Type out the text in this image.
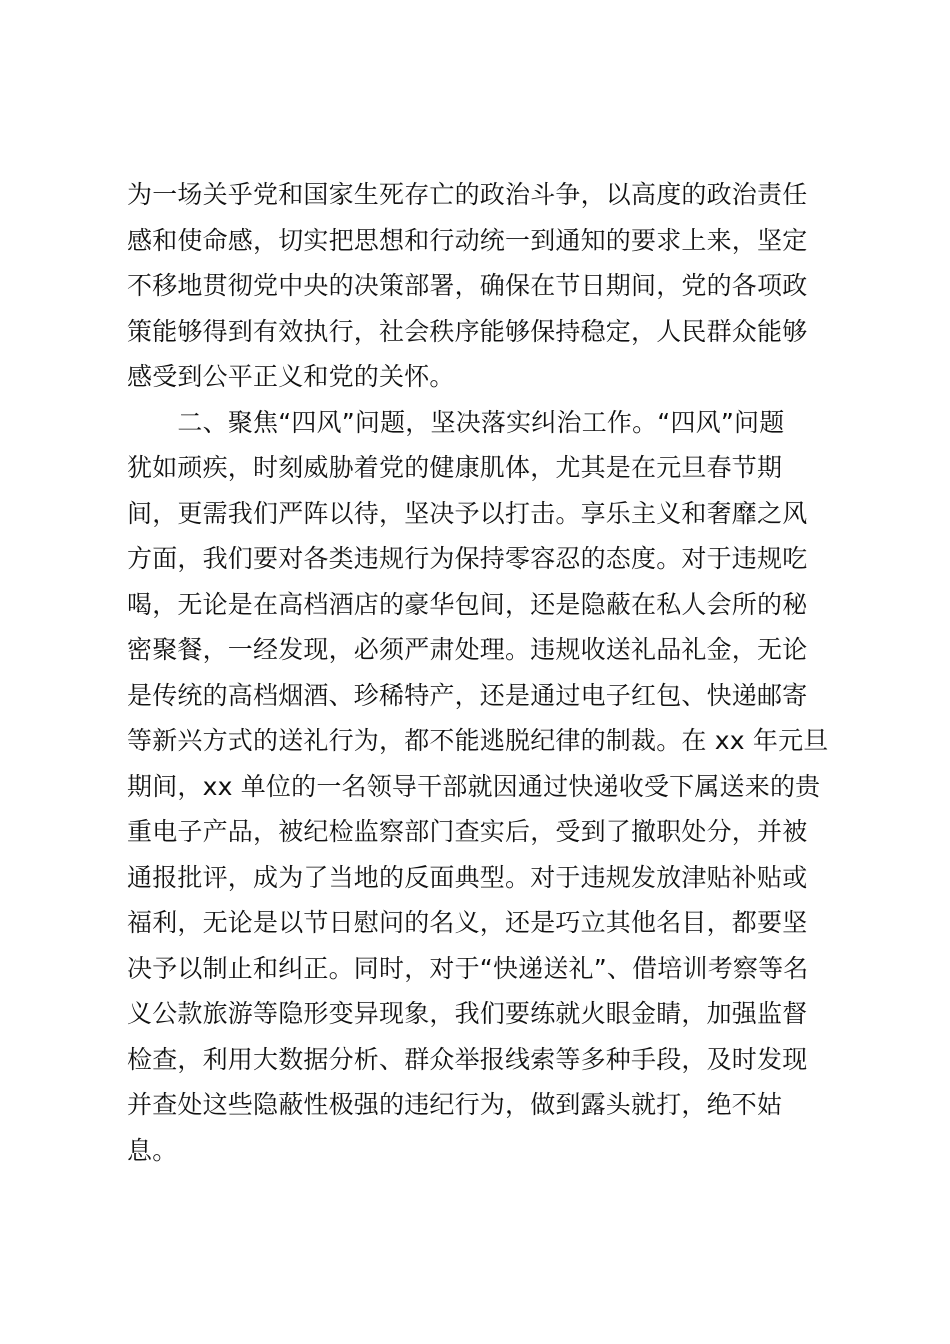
为一场关乎党和国家生死存亡的政治斗争，以高度的政治责任
感和使命感，切实把思想和行动统一到通知的要求上来，坚定
不移地贯彻党中央的决策部署，确保在节日期间，党的各项政
策能够得到有效执行，社会秩序能够保持稳定，人民群众能够
感受到公平正义和党的关怀。
　　二、聚焦“四风”问题，坚决落实纠治工作。“四风”问题
犹如顽疾，时刻威胁着党的健康肌体，尤其是在元旦春节期
间，更需我们严阵以待，坚决予以打击。享乐主义和奢靡之风
方面，我们要对各类违规行为保持零容忍的态度。对于违规吃
喝，无论是在高档酒店的豪华包间，还是隐蔽在私人会所的秘
密聚餐，一经发现，必须严肃处理。违规收送礼品礼金，无论
是传统的高档烟酒、珍稀特产，还是通过电子红包、快递邮寄
等新兴方式的送礼行为，都不能逃脱纪律的制裁。在 xx 年元旦
期间，xx 单位的一名领导干部就因通过快递收受下属送来的贵
重电子产品，被纪检监察部门查实后，受到了撤职处分，并被
通报批评，成为了当地的反面典型。对于违规发放津贴补贴或
福利，无论是以节日慰问的名义，还是巧立其他名目，都要坚
决予以制止和纠正。同时，对于“快递送礼”、借培训考察等名
义公款旅游等隐形变异现象，我们要练就火眼金睛，加强监督
检查，利用大数据分析、群众举报线索等多种手段，及时发现
并查处这些隐蔽性极强的违纪行为，做到露头就打，绝不姑
息。
